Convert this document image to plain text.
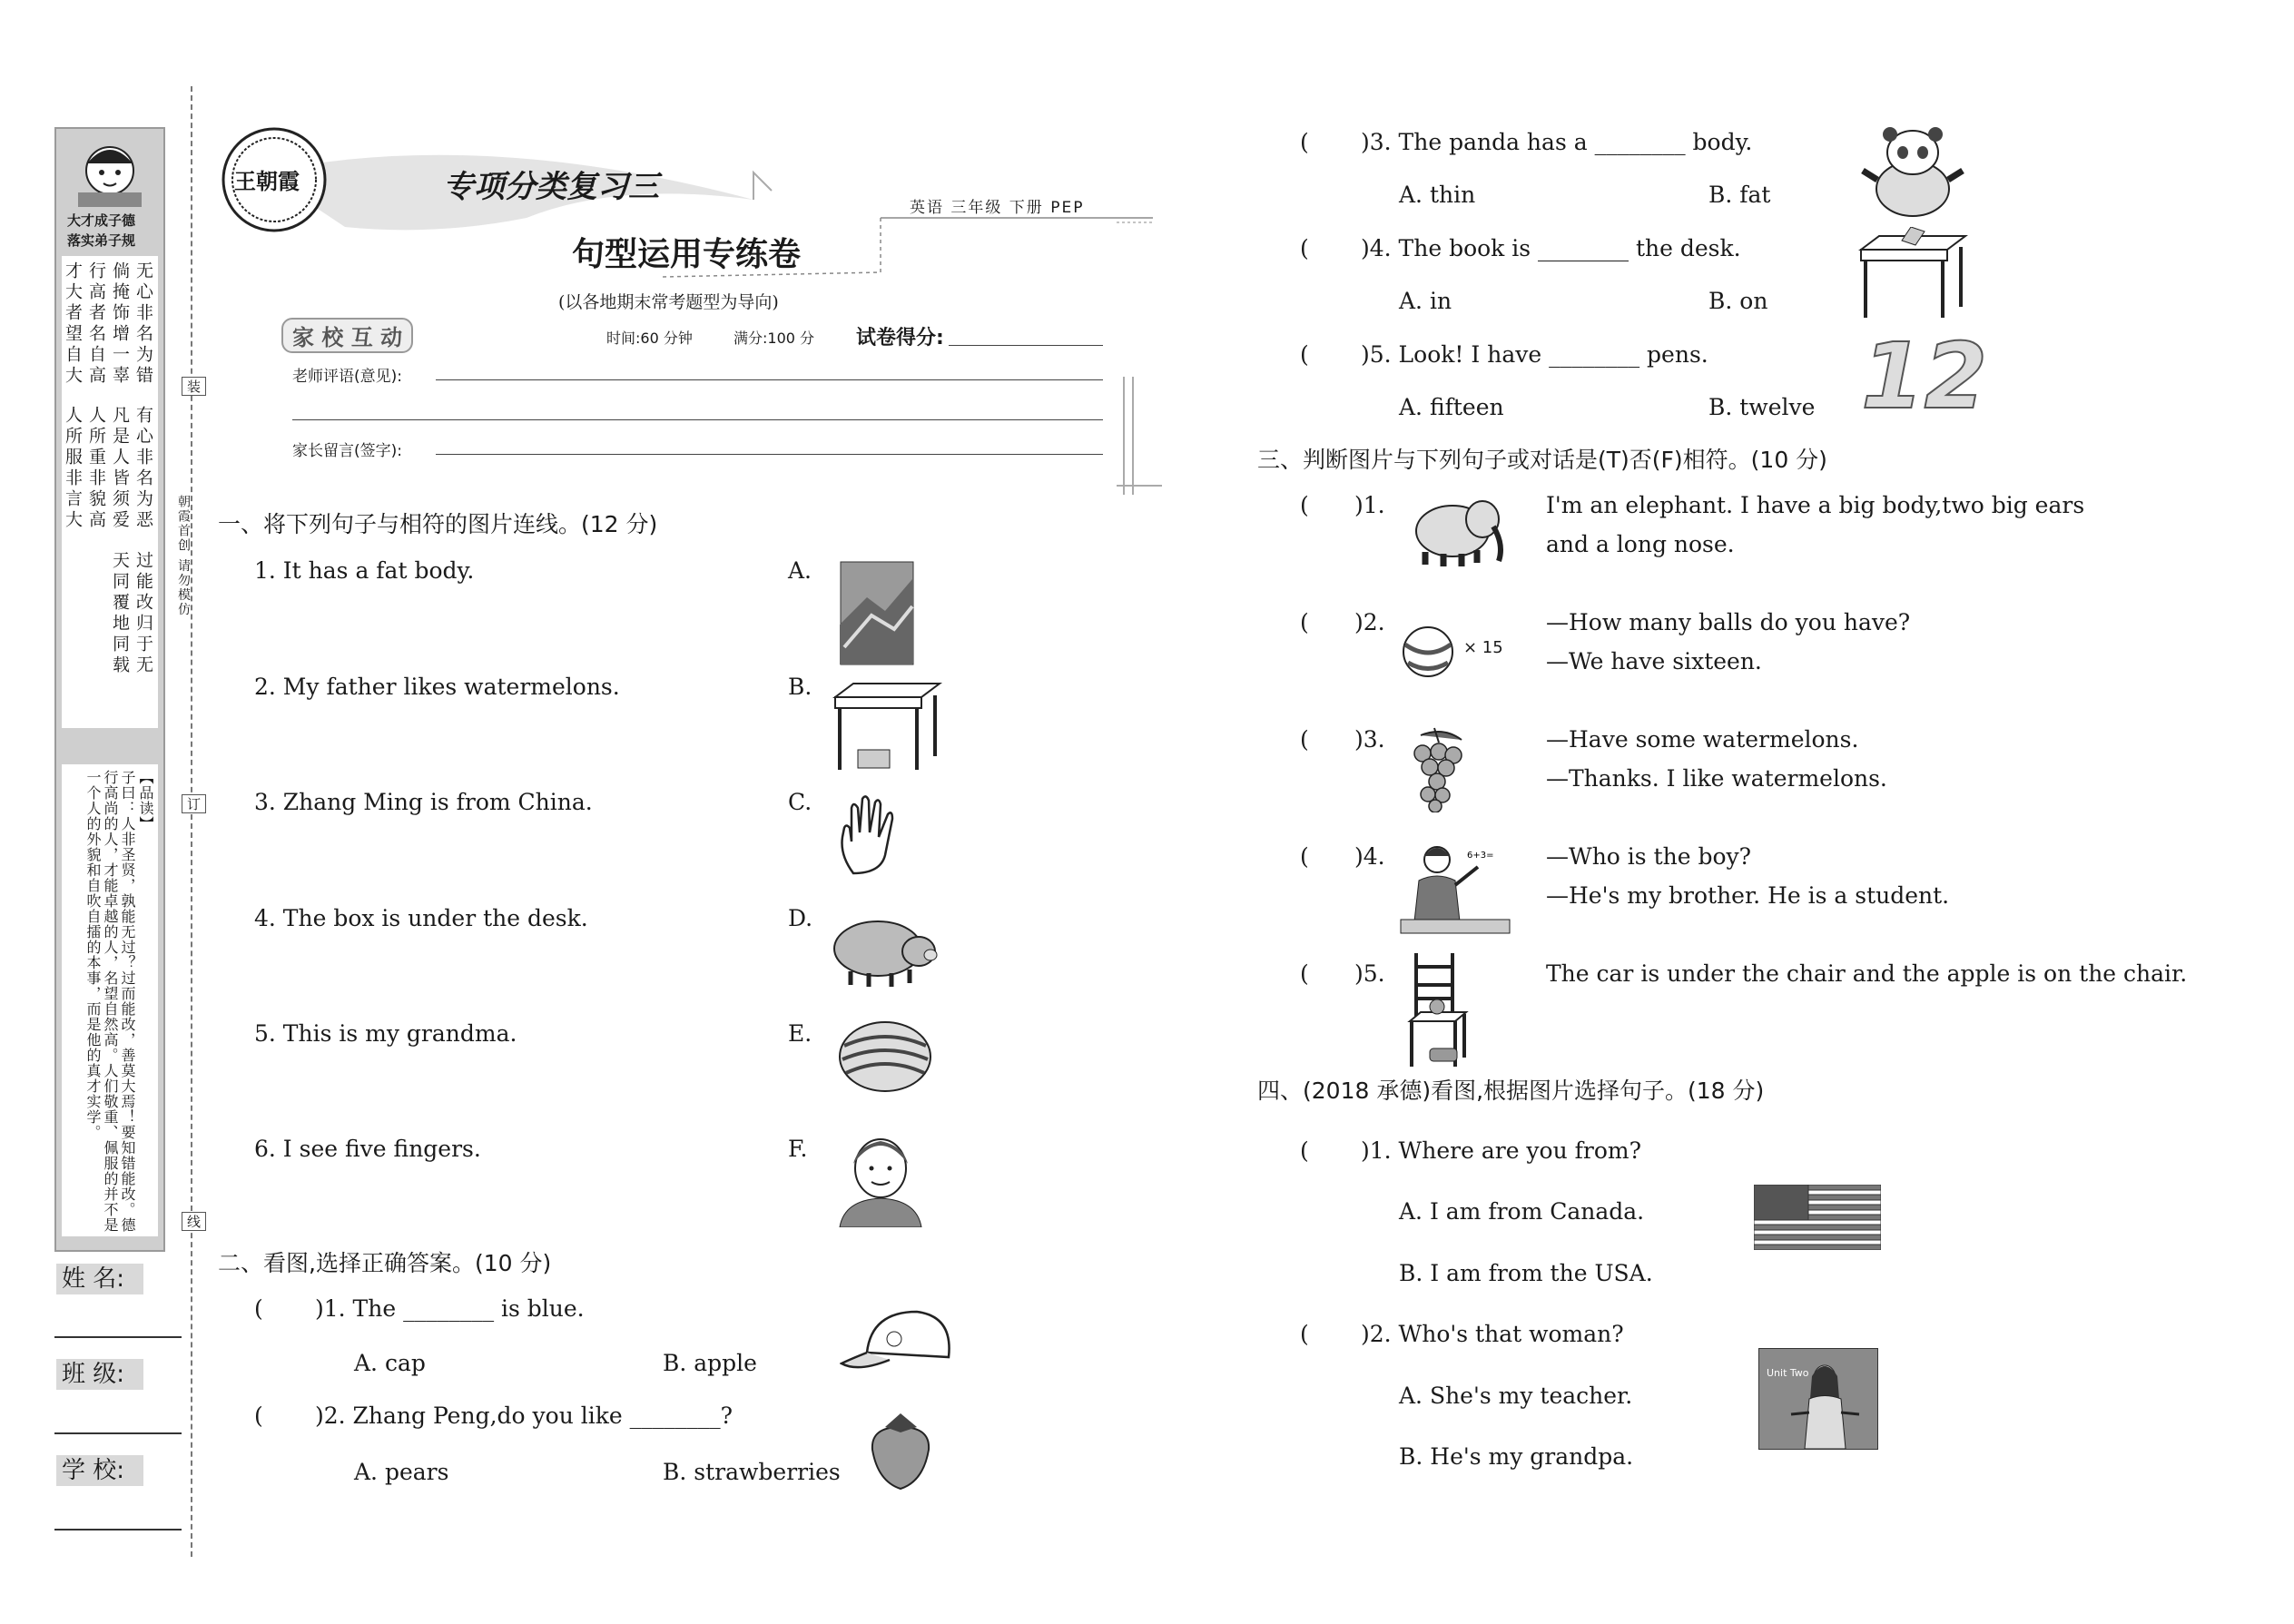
大才成子德
落实弟子规
无心非名为错
有心非名为恶
过能改归于无
倘掩饰增一辜
凡是人皆须爱
天同覆地同载
行高者名自高
人所重非貌高
才大者望自大
人所服非言大
【品读】
子曰：人非圣贤，孰能无过？过而能改，善莫大焉！要知错能改。德行高尚的人，才能卓越的人，名望自然高。人们敬重、佩服的并不是一个人的外貌和自吹自擂的本事，而是他的真才实学。
姓 名:
班 级:
学 校:
装
订
线
朝霞首创 请勿模仿
王朝霞	专项分类复习三
英语 三年级 下册 PEP
句型运用专练卷
(以各地期末常考题型为导向)
时间:60 分钟	满分:100 分 试卷得分:
家 校 互 动
老师评语(意见):
家长留言(签字):
一、将下列句子与相符的图片连线。(12 分)
1. It has a fat body.
2. My father likes watermelons.
3. Zhang Ming is from China.
4. The box is under the desk.
5. This is my grandma.
6. I see five fingers.
A.
B.
C.
D.
E.
F.
二、看图,选择正确答案。(10 分)
( )1. The ________ is blue.
A. cap	B. apple
( )2. Zhang Peng,do you like ________?
A. pears	B. strawberries
( )3. The panda has a ________ body.
A. thin	B. fat
( )4. The book is ________ the desk.
A. in	B. on
( )5. Look! I have ________ pens.
A. fifteen	B. twelve 12
三、判断图片与下列句子或对话是(T)否(F)相符。(10 分)
( )1.	I'm an elephant. I have a big body,two big ears
and a long nose.
( )2.	—How many balls do you have?
—We have sixteen.
× 15
( )3.	—Have some watermelons.
—Thanks. I like watermelons.
( )4.	—Who is the boy?
—He's my brother. He is a student.
6+3=
( )5.	The car is under the chair and the apple is on the chair.
四、(2018 承德)看图,根据图片选择句子。(18 分)
( )1. Where are you from?
A. I am from Canada.
B. I am from the USA.
( )2. Who's that woman?
A. She's my teacher.
B. He's my grandpa.
Unit Two
